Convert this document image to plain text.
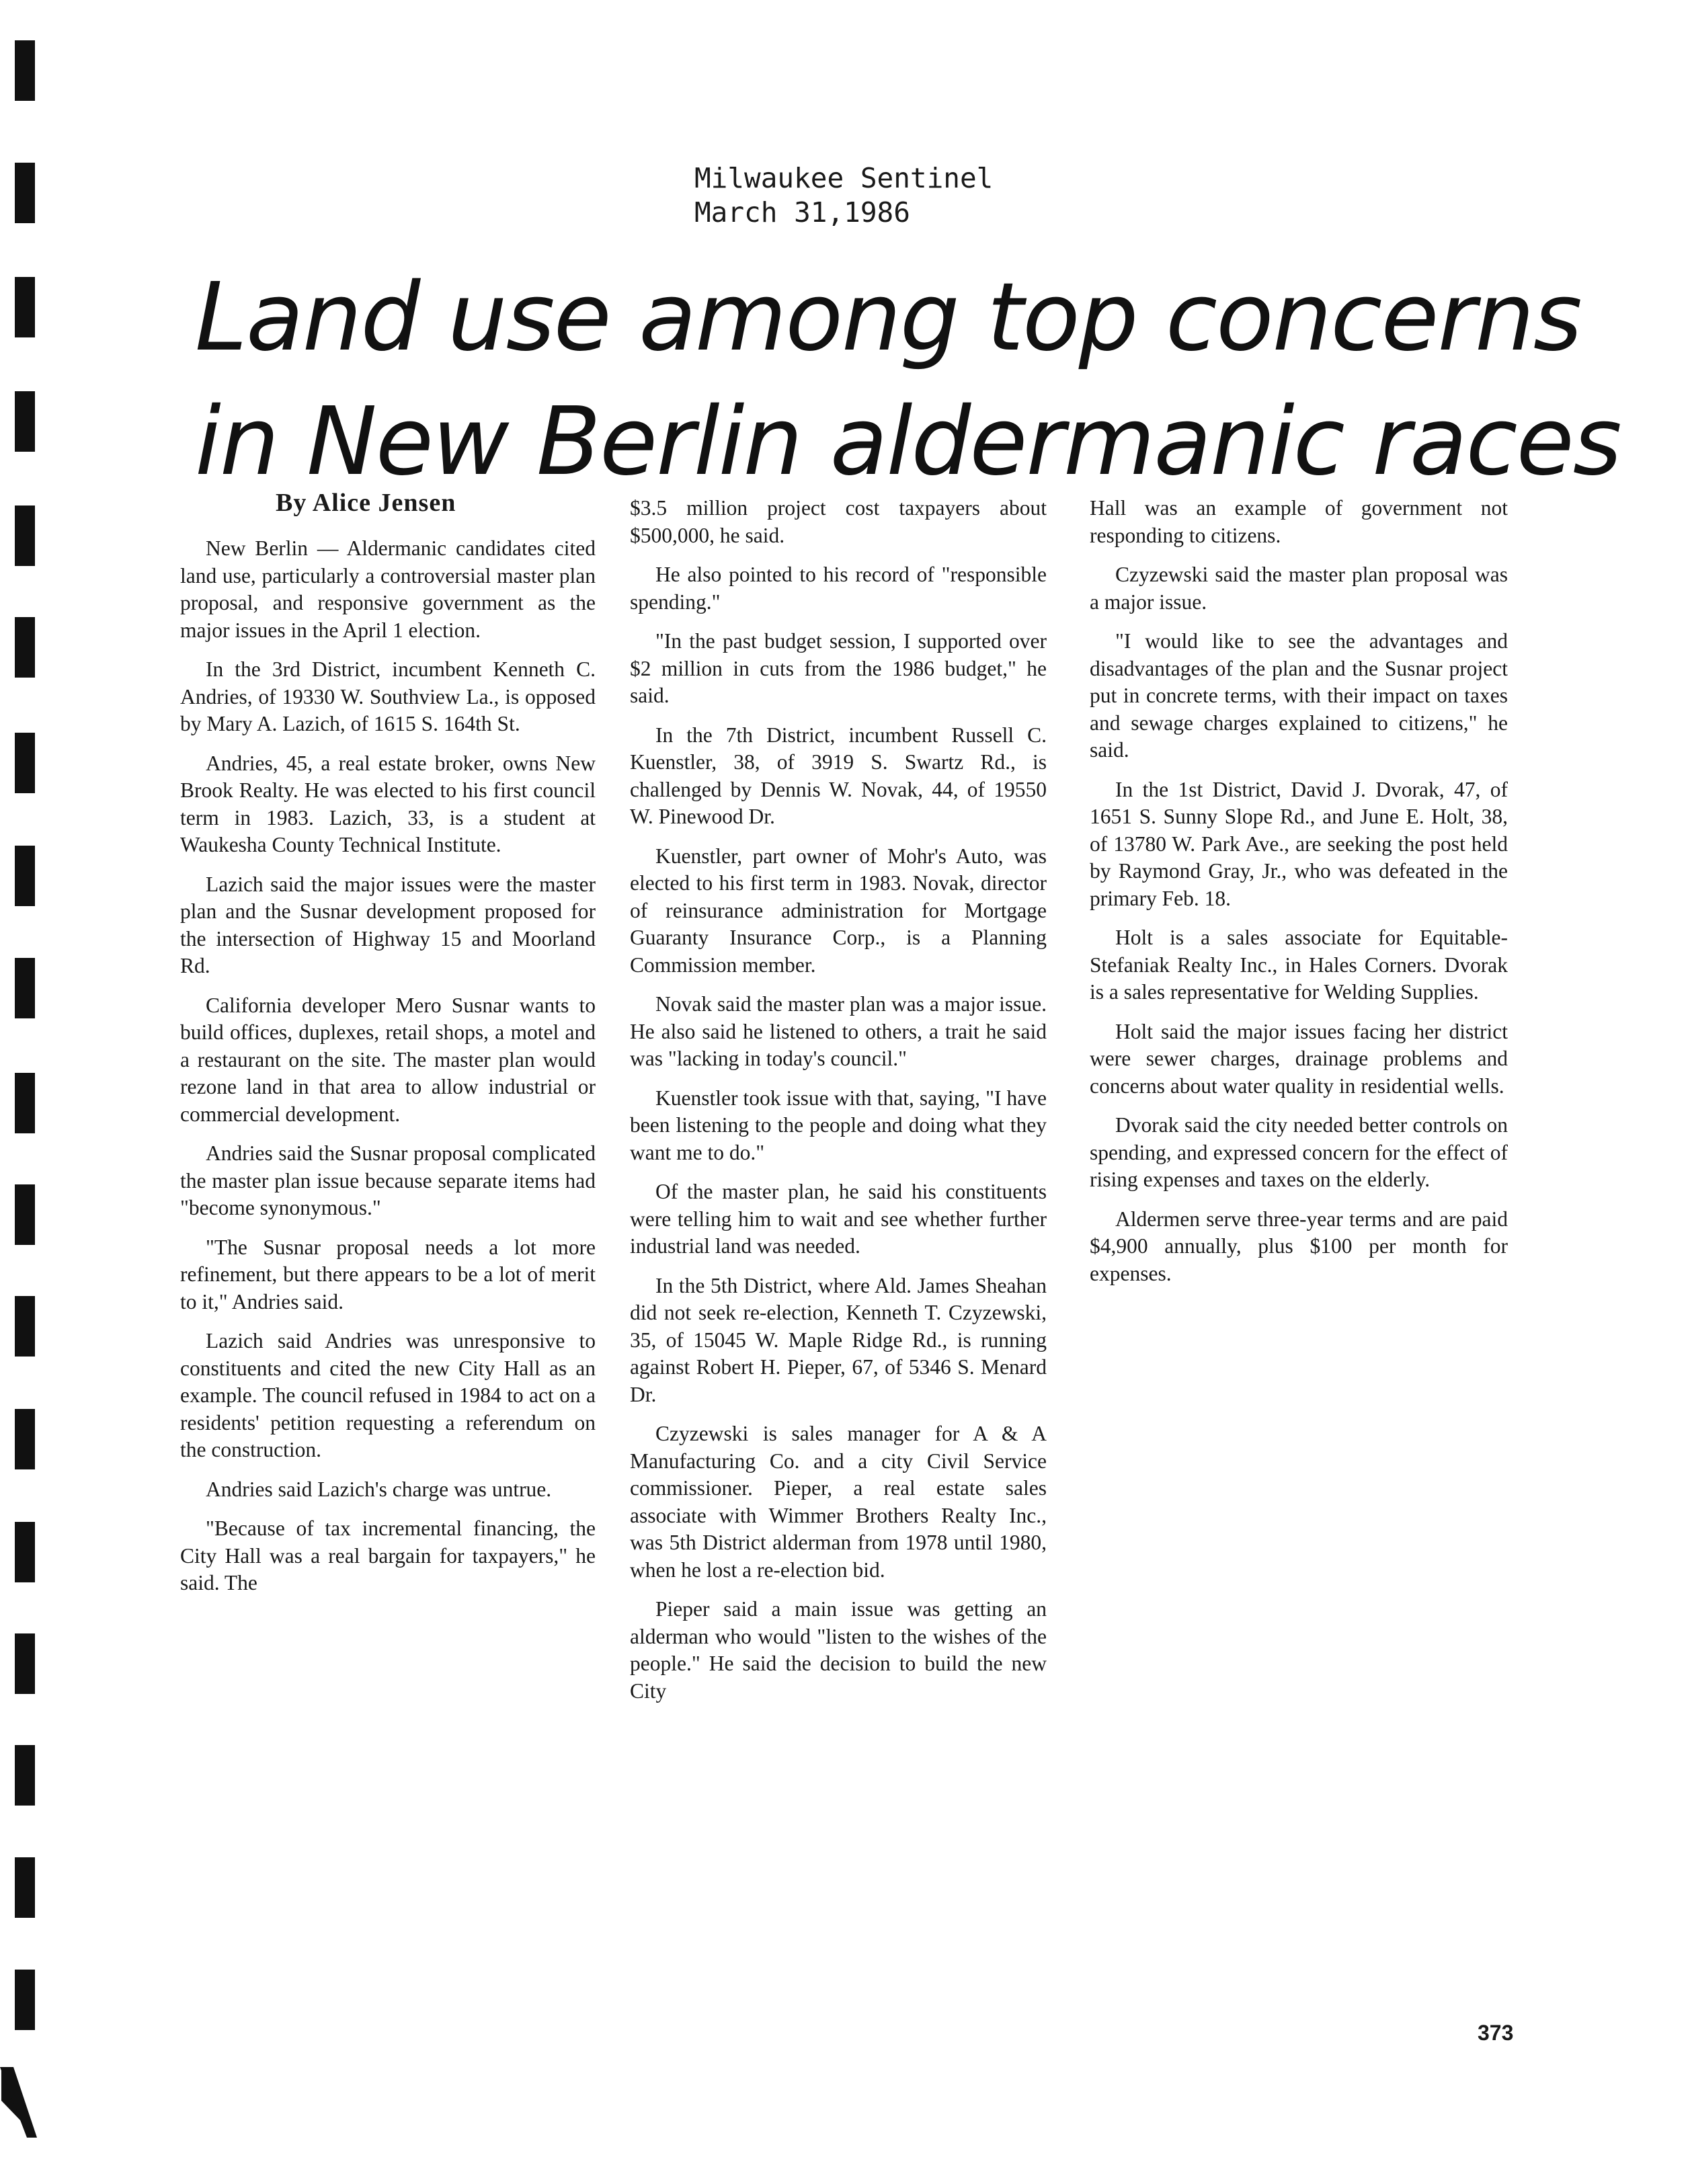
Milwaukee Sentinel
March 31,1986
Land use among top concerns
in New Berlin aldermanic races
By Alice Jensen

New Berlin — Aldermanic candidates cited land use, particularly a controversial master plan proposal, and responsive government as the major issues in the April 1 election.

In the 3rd District, incumbent Kenneth C. Andries, of 19330 W. Southview La., is opposed by Mary A. Lazich, of 1615 S. 164th St.

Andries, 45, a real estate broker, owns New Brook Realty. He was elected to his first council term in 1983. Lazich, 33, is a student at Waukesha County Technical Institute.

Lazich said the major issues were the master plan and the Susnar development proposed for the intersection of Highway 15 and Moorland Rd.

California developer Mero Susnar wants to build offices, duplexes, retail shops, a motel and a restaurant on the site. The master plan would rezone land in that area to allow industrial or commercial development.

Andries said the Susnar proposal complicated the master plan issue because separate items had "become synonymous."

"The Susnar proposal needs a lot more refinement, but there appears to be a lot of merit to it," Andries said.

Lazich said Andries was unresponsive to constituents and cited the new City Hall as an example. The council refused in 1984 to act on a residents' petition requesting a referendum on the construction.

Andries said Lazich's charge was untrue.

"Because of tax incremental financing, the City Hall was a real bargain for taxpayers," he said. The

$3.5 million project cost taxpayers about $500,000, he said.

He also pointed to his record of "responsible spending."

"In the past budget session, I supported over $2 million in cuts from the 1986 budget," he said.

In the 7th District, incumbent Russell C. Kuenstler, 38, of 3919 S. Swartz Rd., is challenged by Dennis W. Novak, 44, of 19550 W. Pinewood Dr.

Kuenstler, part owner of Mohr's Auto, was elected to his first term in 1983. Novak, director of reinsurance administration for Mortgage Guaranty Insurance Corp., is a Planning Commission member.

Novak said the master plan was a major issue. He also said he listened to others, a trait he said was "lacking in today's council."

Kuenstler took issue with that, saying, "I have been listening to the people and doing what they want me to do."

Of the master plan, he said his constituents were telling him to wait and see whether further industrial land was needed.

In the 5th District, where Ald. James Sheahan did not seek re-election, Kenneth T. Czyzewski, 35, of 15045 W. Maple Ridge Rd., is running against Robert H. Pieper, 67, of 5346 S. Menard Dr.

Czyzewski is sales manager for A & A Manufacturing Co. and a city Civil Service commissioner. Pieper, a real estate sales associate with Wimmer Brothers Realty Inc., was 5th District alderman from 1978 until 1980, when he lost a re-election bid.

Pieper said a main issue was getting an alderman who would "listen to the wishes of the people." He said the decision to build the new City

Hall was an example of government not responding to citizens.

Czyzewski said the master plan proposal was a major issue.

"I would like to see the advantages and disadvantages of the plan and the Susnar project put in concrete terms, with their impact on taxes and sewage charges explained to citizens," he said.

In the 1st District, David J. Dvorak, 47, of 1651 S. Sunny Slope Rd., and June E. Holt, 38, of 13780 W. Park Ave., are seeking the post held by Raymond Gray, Jr., who was defeated in the primary Feb. 18.

Holt is a sales associate for Equitable-Stefaniak Realty Inc., in Hales Corners. Dvorak is a sales representative for Welding Supplies.

Holt said the major issues facing her district were sewer charges, drainage problems and concerns about water quality in residential wells.

Dvorak said the city needed better controls on spending, and expressed concern for the effect of rising expenses and taxes on the elderly.

Aldermen serve three-year terms and are paid $4,900 annually, plus $100 per month for expenses.

373
